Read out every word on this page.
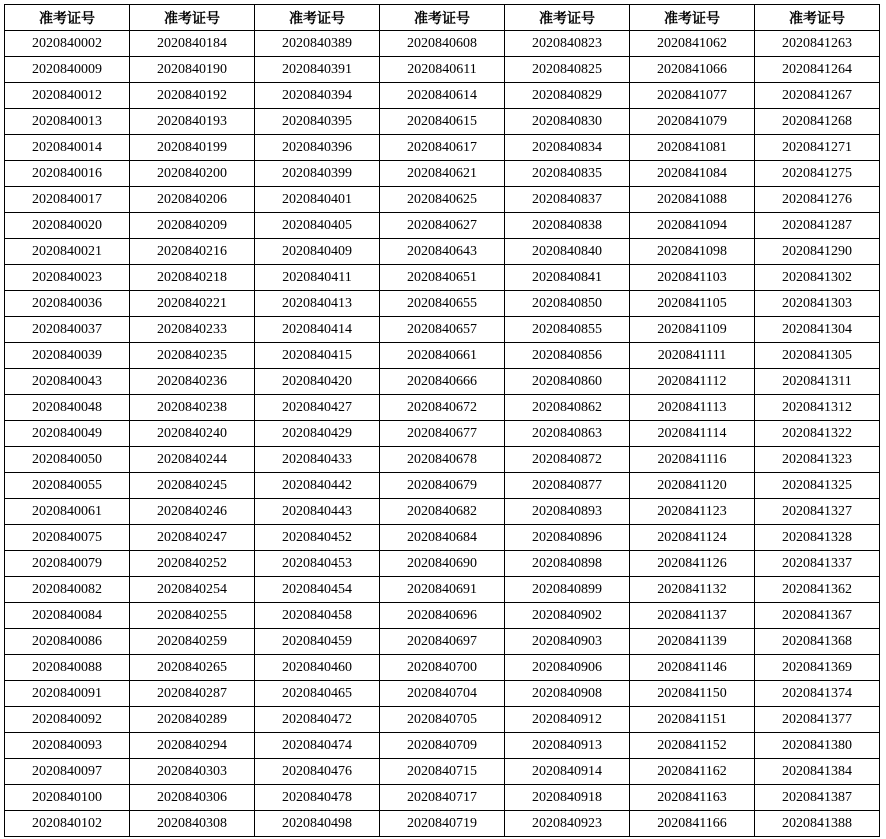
准考证号	准考证号	准考证号	准考证号	准考证号	准考证号	准考证号
2020840002	2020840184	2020840389	2020840608	2020840823	2020841062	2020841263
2020840009	2020840190	2020840391	2020840611	2020840825	2020841066	2020841264
2020840012	2020840192	2020840394	2020840614	2020840829	2020841077	2020841267
2020840013	2020840193	2020840395	2020840615	2020840830	2020841079	2020841268
2020840014	2020840199	2020840396	2020840617	2020840834	2020841081	2020841271
2020840016	2020840200	2020840399	2020840621	2020840835	2020841084	2020841275
2020840017	2020840206	2020840401	2020840625	2020840837	2020841088	2020841276
2020840020	2020840209	2020840405	2020840627	2020840838	2020841094	2020841287
2020840021	2020840216	2020840409	2020840643	2020840840	2020841098	2020841290
2020840023	2020840218	2020840411	2020840651	2020840841	2020841103	2020841302
2020840036	2020840221	2020840413	2020840655	2020840850	2020841105	2020841303
2020840037	2020840233	2020840414	2020840657	2020840855	2020841109	2020841304
2020840039	2020840235	2020840415	2020840661	2020840856	2020841111	2020841305
2020840043	2020840236	2020840420	2020840666	2020840860	2020841112	2020841311
2020840048	2020840238	2020840427	2020840672	2020840862	2020841113	2020841312
2020840049	2020840240	2020840429	2020840677	2020840863	2020841114	2020841322
2020840050	2020840244	2020840433	2020840678	2020840872	2020841116	2020841323
2020840055	2020840245	2020840442	2020840679	2020840877	2020841120	2020841325
2020840061	2020840246	2020840443	2020840682	2020840893	2020841123	2020841327
2020840075	2020840247	2020840452	2020840684	2020840896	2020841124	2020841328
2020840079	2020840252	2020840453	2020840690	2020840898	2020841126	2020841337
2020840082	2020840254	2020840454	2020840691	2020840899	2020841132	2020841362
2020840084	2020840255	2020840458	2020840696	2020840902	2020841137	2020841367
2020840086	2020840259	2020840459	2020840697	2020840903	2020841139	2020841368
2020840088	2020840265	2020840460	2020840700	2020840906	2020841146	2020841369
2020840091	2020840287	2020840465	2020840704	2020840908	2020841150	2020841374
2020840092	2020840289	2020840472	2020840705	2020840912	2020841151	2020841377
2020840093	2020840294	2020840474	2020840709	2020840913	2020841152	2020841380
2020840097	2020840303	2020840476	2020840715	2020840914	2020841162	2020841384
2020840100	2020840306	2020840478	2020840717	2020840918	2020841163	2020841387
2020840102	2020840308	2020840498	2020840719	2020840923	2020841166	2020841388
